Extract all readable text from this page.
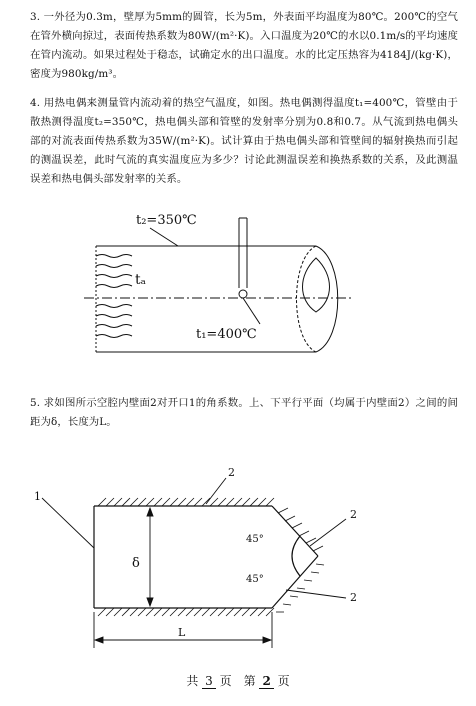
3. 一外径为0.3m，壁厚为5mm的圆管，长为5m，外表面平均温度为80℃。200℃的空气在管外横向掠过，表面传热系数为80W/(m²·K)。入口温度为20℃的水以0.1m/s的平均速度在管内流动。如果过程处于稳态，试确定水的出口温度。水的比定压热容为4184J/(kg·K)，密度为980kg/m³。
4. 用热电偶来测量管内流动着的热空气温度，如图。热电偶测得温度t₁=400℃，管壁由于散热测得温度t₂=350℃，热电偶头部和管壁的发射率分别为0.8和0.7。从气流到热电偶头部的对流表面传热系数为35W/(m²·K)。试计算由于热电偶头部和管壁间的辐射换热而引起的测温误差，此时气流的真实温度应为多少？讨论此测温误差和换热系数的关系，及此测温误差和热电偶头部发射率的关系。
t₂=350℃
tₐ
t₁=400℃
5. 求如图所示空腔内壁面2对开口1的角系数。上、下平行平面（均属于内壁面2）之间的间距为δ，长度为L。
1
2
2
2
45°
45°
δ
L
共 3 页　第 2 页
